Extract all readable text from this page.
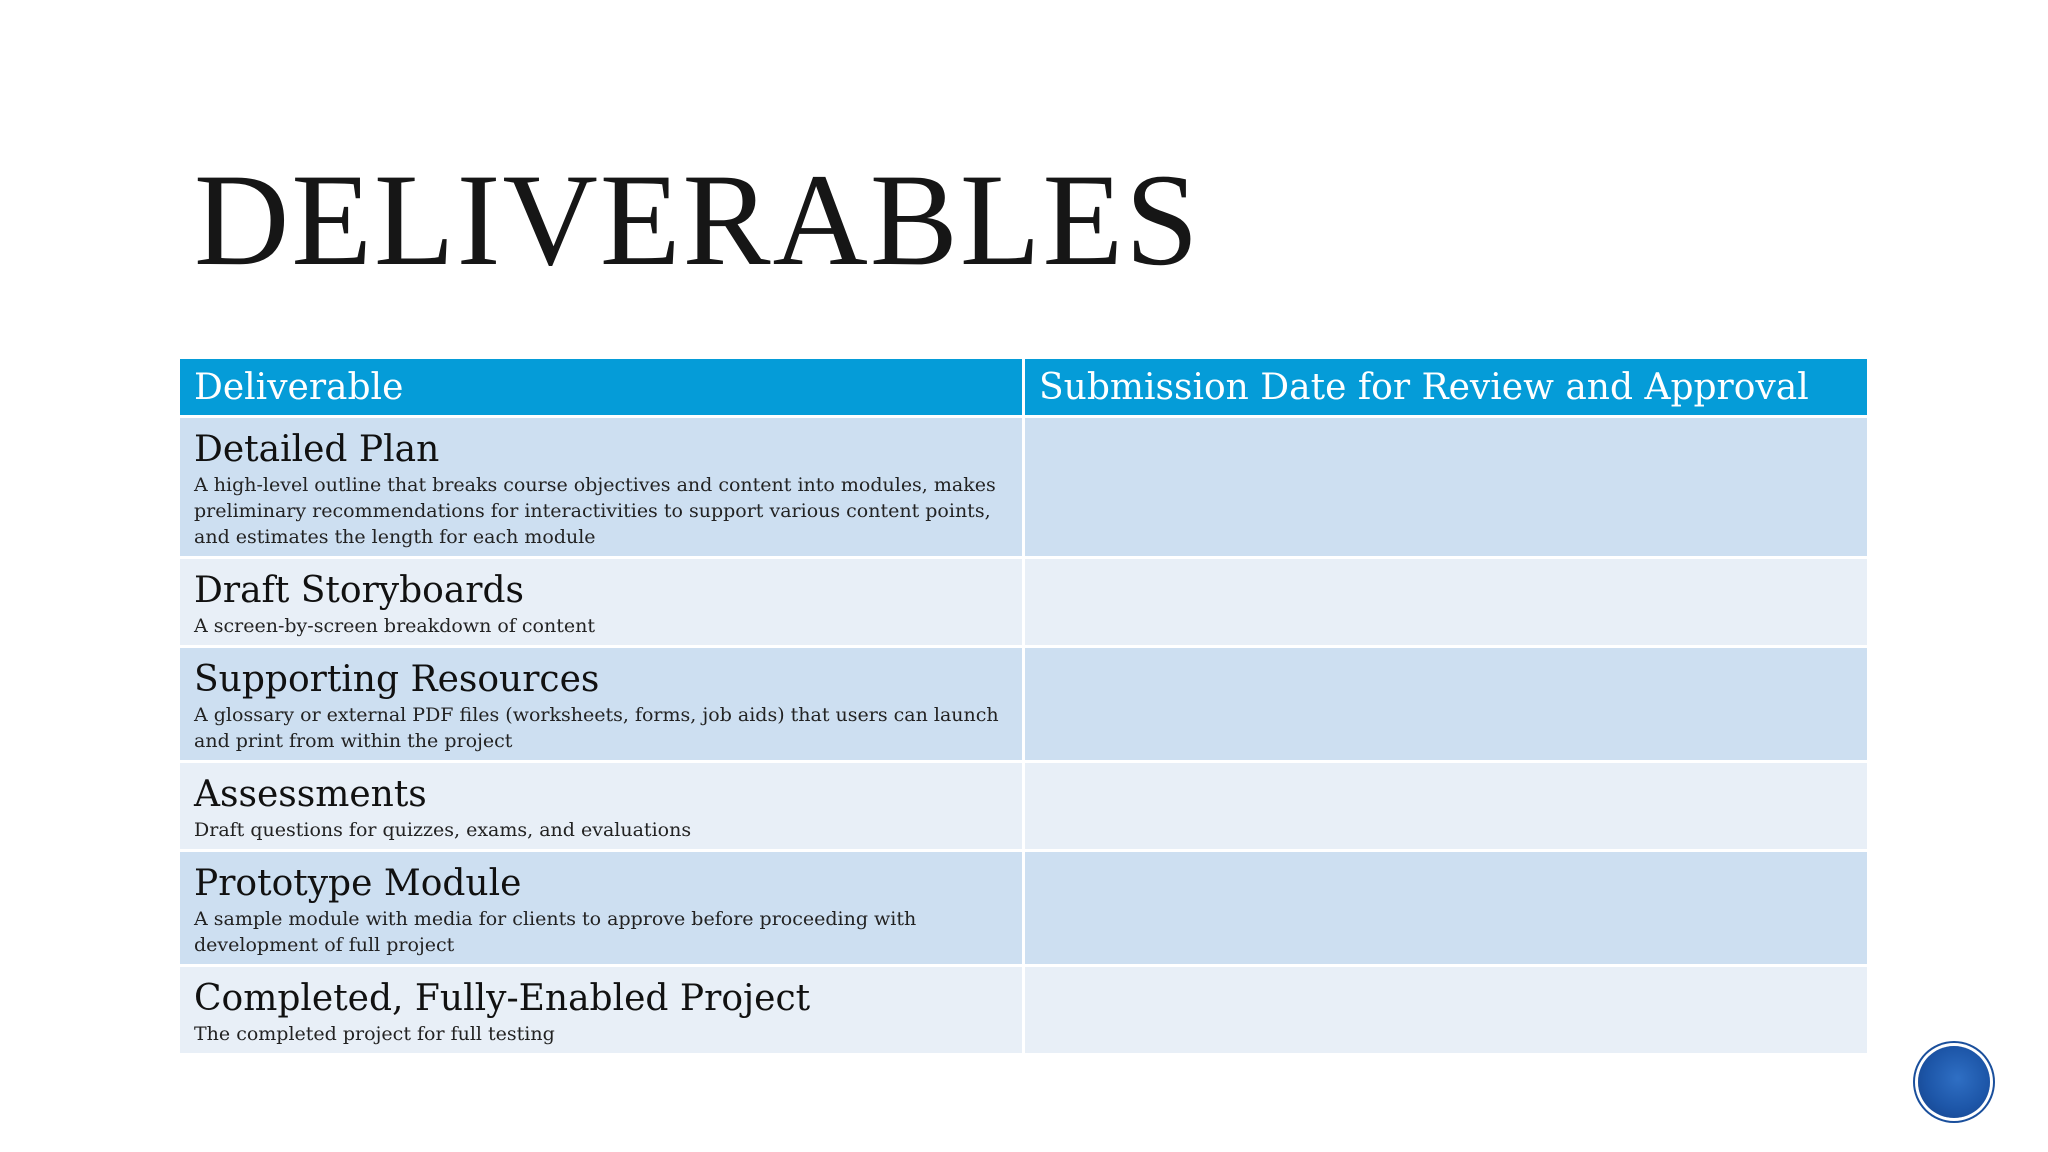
DELIVERABLES
Deliverable	Submission Date for Review and Approval

Detailed Plan
A high-level outline that breaks course objectives and content into modules, makes preliminary recommendations for interactivities to support various content points, and estimates the length for each module	

Draft Storyboards
A screen-by-screen breakdown of content	

Supporting Resources
A glossary or external PDF files (worksheets, forms, job aids) that users can launch and print from within the project	

Assessments
Draft questions for quizzes, exams, and evaluations	

Prototype Module
A sample module with media for clients to approve before proceeding with development of full project	

Completed, Fully-Enabled Project
The completed project for full testing	
